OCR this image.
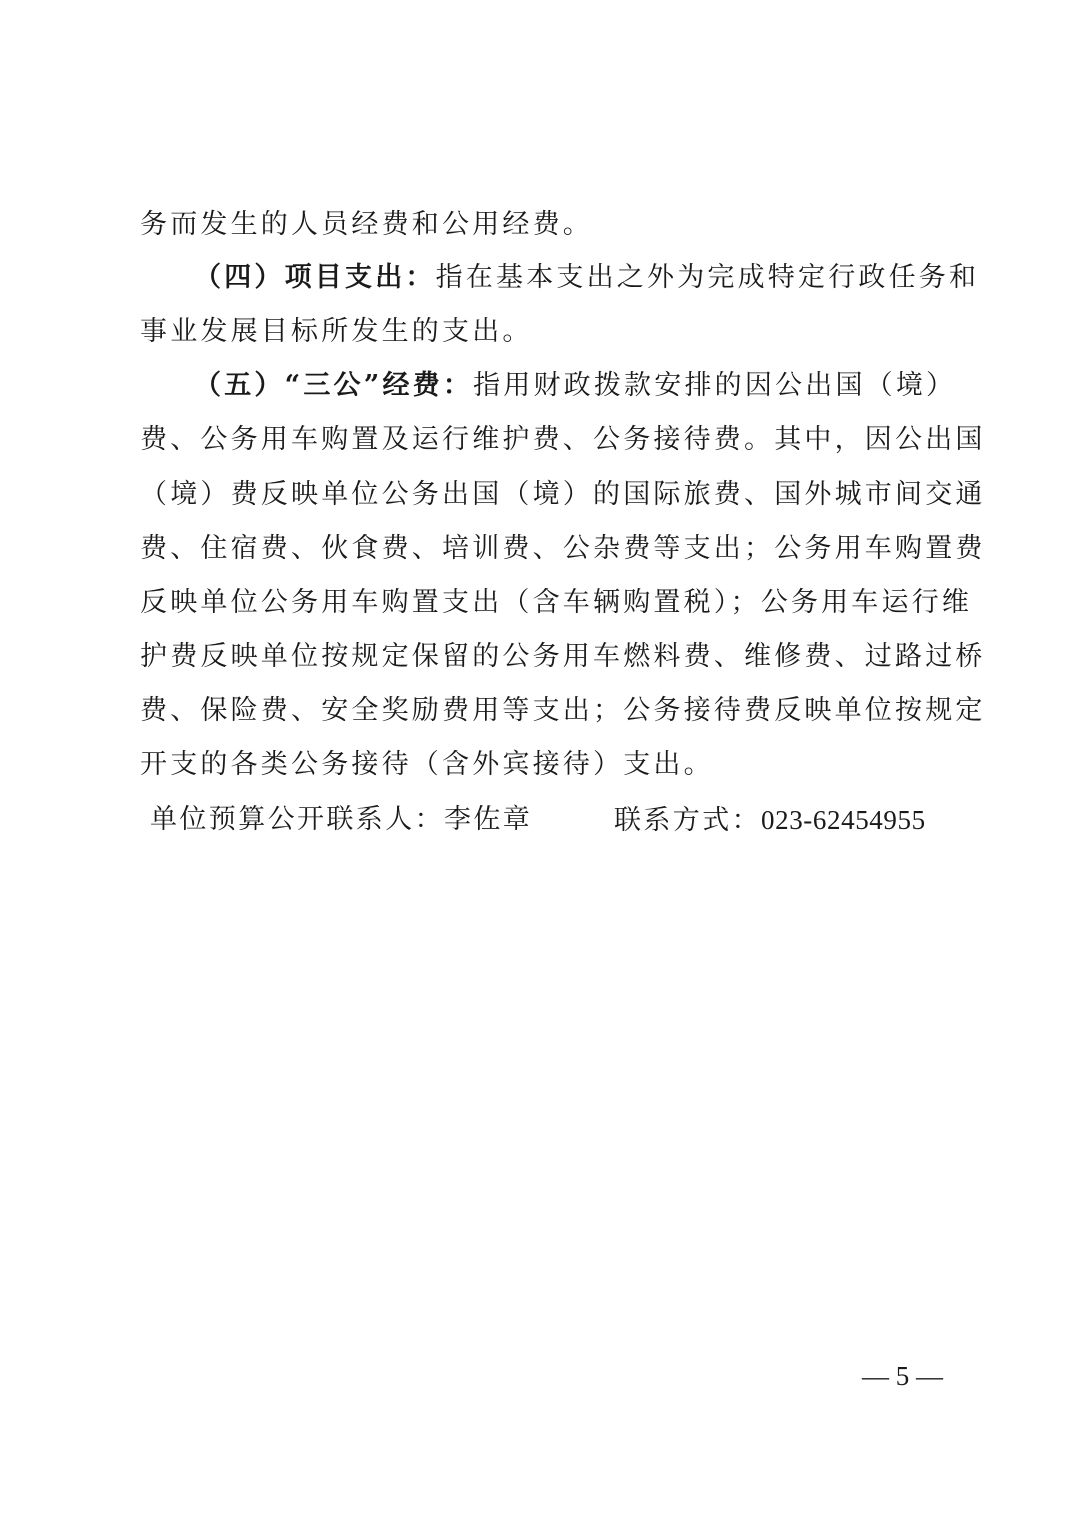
务而发生的人员经费和公用经费。
（四）项目支出：指在基本支出之外为完成特定行政任务和
事业发展目标所发生的支出。
（五）“三公”经费：指用财政拨款安排的因公出国（境）
费、公务用车购置及运行维护费、公务接待费。其中，因公出国
（境）费反映单位公务出国（境）的国际旅费、国外城市间交通
费、住宿费、伙食费、培训费、公杂费等支出；公务用车购置费
反映单位公务用车购置支出（含车辆购置税）；公务用车运行维
护费反映单位按规定保留的公务用车燃料费、维修费、过路过桥
费、保险费、安全奖励费用等支出；公务接待费反映单位按规定
开支的各类公务接待（含外宾接待）支出。
单位预算公开联系人：李佐章	联系方式：023-62454955
— 5 —
